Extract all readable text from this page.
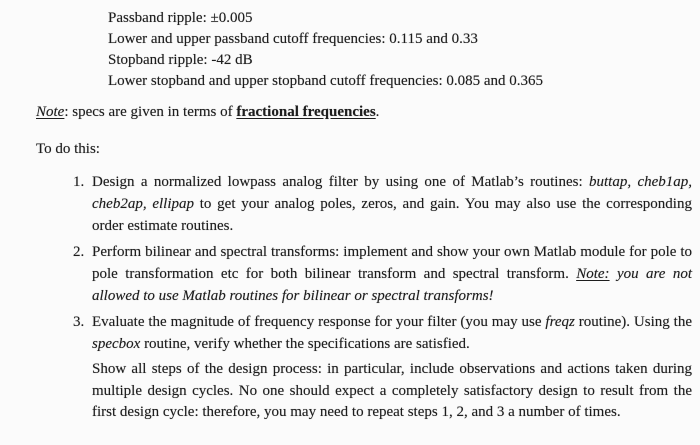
Passband ripple: ±0.005
Lower and upper passband cutoff frequencies: 0.115 and 0.33
Stopband ripple: -42 dB
Lower stopband and upper stopband cutoff frequencies: 0.085 and 0.365

Note: specs are given in terms of fractional frequencies.

To do this:

1. Design a normalized lowpass analog filter by using one of Matlab’s routines: buttap, cheb1ap, cheb2ap, ellipap to get your analog poles, zeros, and gain. You may also use the corresponding order estimate routines.
2. Perform bilinear and spectral transforms: implement and show your own Matlab module for pole to pole transformation etc for both bilinear transform and spectral transform. Note: you are not allowed to use Matlab routines for bilinear or spectral transforms!
3. Evaluate the magnitude of frequency response for your filter (you may use freqz routine). Using the specbox routine, verify whether the specifications are satisfied.
Show all steps of the design process: in particular, include observations and actions taken during multiple design cycles. No one should expect a completely satisfactory design to result from the first design cycle: therefore, you may need to repeat steps 1, 2, and 3 a number of times.
